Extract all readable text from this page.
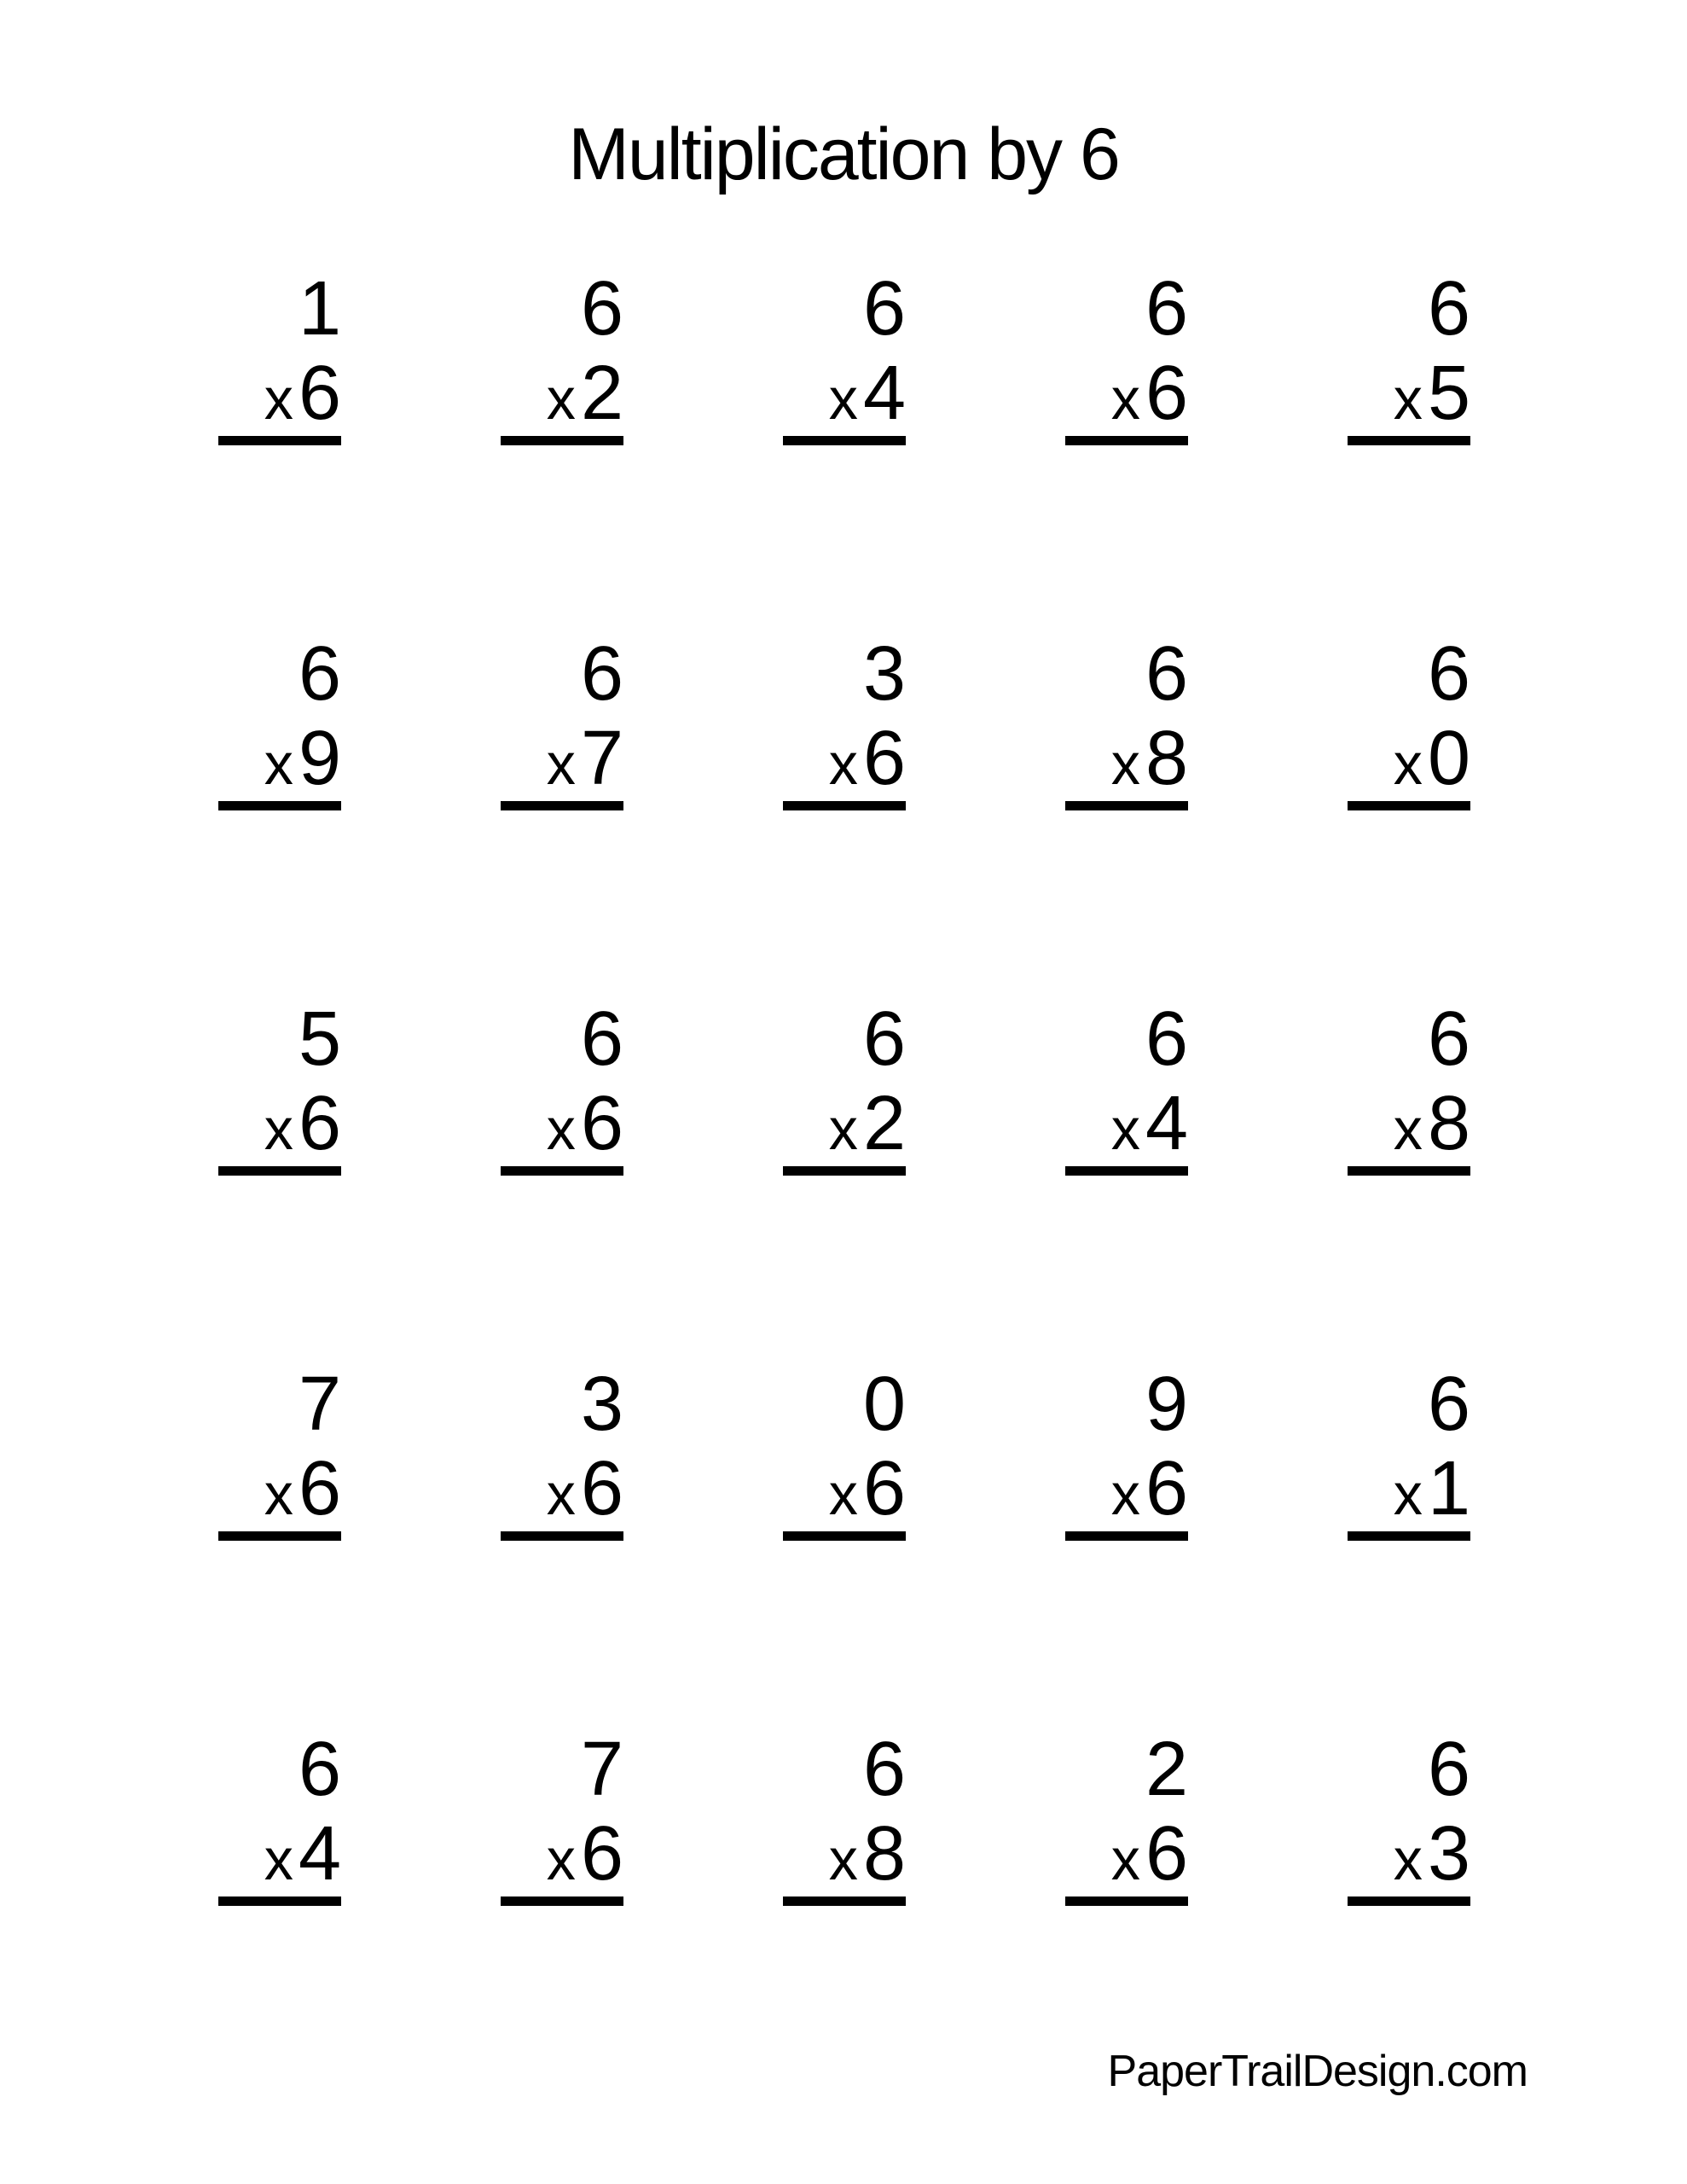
Multiplication by 6
1
x6
6
x2
6
x4
6
x6
6
x5
6
x9
6
x7
3
x6
6
x8
6
x0
5
x6
6
x6
6
x2
6
x4
6
x8
7
x6
3
x6
0
x6
9
x6
6
x1
6
x4
7
x6
6
x8
2
x6
6
x3
PaperTrailDesign.com
